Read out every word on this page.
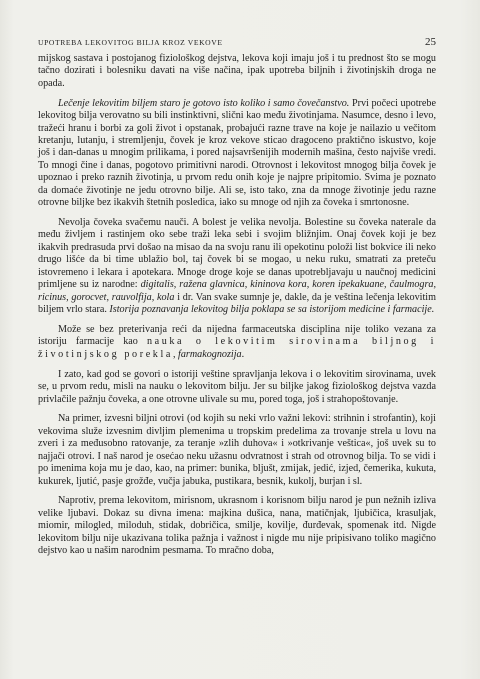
UPOTREBA LEKOVITOG BILJA KROZ VEKOVE	25

mijskog sastava i postojanog fiziološkog dejstva, lekova koji imaju još i tu prednost što se mogu tačno dozirati i bolesniku davati na više načina, ipak upotreba biljnih i životinjskih droga ne opada.

Lečenje lekovitim biljem staro je gotovo isto koliko i samo čovečanstvo. Prvi počeci upotrebe lekovitog bilja verovatno su bili instinktivni, slični kao među životinjama. Nasumce, desno i levo, tražeći hranu i borbi za goli život i opstanak, probajući razne trave na koje je nailazio u večitom kretanju, lutanju, i stremljenju, čovek je kroz vekove sticao dragoceno praktično iskustvo, koje još i dan-danas u mnogim prilikama, i pored najsavršenijih modernih mašina, često najviše vredi. To mnogi čine i danas, pogotovo primitivni narodi. Otrovnost i lekovitost mnogog bilja čovek je upoznao i preko raznih životinja, u prvom redu onih koje je najpre pripitomio. Svima je poznato da domaće životinje ne jedu otrovno bilje. Ali se, isto tako, zna da mnoge životinje jedu razne otrovne biljke bez ikakvih štetnih posledica, iako su mnoge od njih za čoveka i smrtonosne.

Nevolja čoveka svačemu nauči. A bolest je velika nevolja. Bolestine su čoveka naterale da među življem i rastinjem oko sebe traži leka sebi i svojim bližnjim. Onaj čovek koji je bez ikakvih predrasuda prvi došao na misao da na svoju ranu ili opekotinu položi list bokvice ili neko drugo lišće da bi time ublažio bol, taj čovek bi se mogao, u neku ruku, smatrati za preteču istovremeno i lekara i apotekara. Mnoge droge koje se danas upotrebljavaju u naučnoj medicini primljene su iz narodne: digitalis, ražena glavnica, kininova kora, koren ipekakuane, čaulmogra, ricinus, gorocvet, rauvolfija, kola i dr. Van svake sumnje je, dakle, da je veština lečenja lekovitim biljem vrlo stara. Istorija poznavanja lekovitog bilja poklapa se sa istorijom medicine i farmacije.

Može se bez preterivanja reći da nijedna farmaceutska disciplina nije toliko vezana za istoriju farmacije kao nauka o lekovitim sirovinama biljnog i životinjskog porekla, farmakognozija.

I zato, kad god se govori o istoriji veštine spravljanja lekova i o lekovitim sirovinama, uvek se, u prvom redu, misli na nauku o lekovitom bilju. Jer su biljke jakog fiziološkog dejstva vazda privlačile pažnju čoveka, a one otrovne ulivale su mu, pored toga, još i strahopoštovanje.

Na primer, izvesni biljni otrovi (od kojih su neki vrlo važni lekovi: strihnin i strofantin), koji vekovima služe izvesnim divljim plemenima u tropskim predelima za trovanje strela u lovu na zveri i za međusobno ratovanje, za teranje »zlih duhova« i »otkrivanje veštica«, još uvek su to najjači otrovi. I naš narod je osećao neku užasnu odvratnost i strah od otrovnog bilja. To se vidi i po imenima koja mu je dao, kao, na primer: bunika, bljušt, zmijak, jedić, izjed, čemerika, kukuta, kukurek, ljutić, pasje grožđe, vučja jabuka, pustikara, besnik, kukolj, burjan i sl.

Naprotiv, prema lekovitom, mirisnom, ukrasnom i korisnom bilju narod je pun nežnih izliva velike ljubavi. Dokaz su divna imena: majkina dušica, nana, matičnjak, ljubičica, krasuljak, miomir, milogled, miloduh, stidak, dobričica, smilje, kovilje, đurđevak, spomenak itd. Nigde lekovitom bilju nije ukazivana tolika pažnja i važnost i nigde mu nije pripisivano toliko magično dejstvo kao u našim narodnim pesmama. To mračno doba,
